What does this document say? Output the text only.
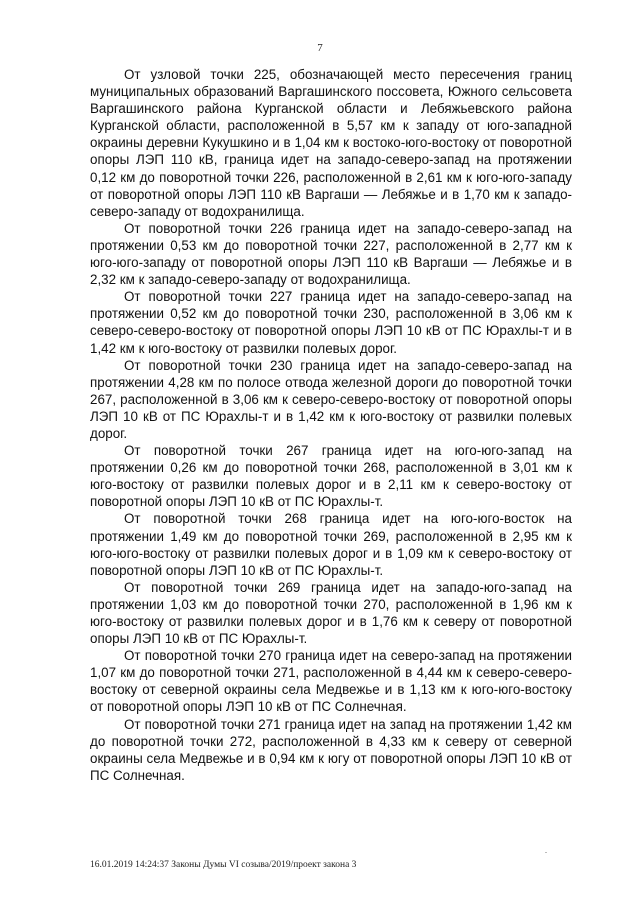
7

От узловой точки 225, обозначающей место пересечения границ муниципальных образований Варгашинского поссовета, Южного сельсовета Варгашинского района Курганской области и Лебяжьевского района Курганской области, расположенной в 5,57 км к западу от юго-западной окраины деревни Кукушкино и в 1,04 км к востоко-юго-востоку от поворотной опоры ЛЭП 110 кВ, граница идет на западо-северо-запад на протяжении 0,12 км до поворотной точки 226, расположенной в 2,61 км к юго-юго-западу от поворотной опоры ЛЭП 110 кВ Варгаши — Лебяжье и в 1,70 км к западо-северо-западу от водохранилища.

От поворотной точки 226 граница идет на западо-северо-запад на протяжении 0,53 км до поворотной точки 227, расположенной в 2,77 км к юго-юго-западу от поворотной опоры ЛЭП 110 кВ Варгаши — Лебяжье и в 2,32 км к западо-северо-западу от водохранилища.

От поворотной точки 227 граница идет на западо-северо-запад на протяжении 0,52 км до поворотной точки 230, расположенной в 3,06 км к северо-северо-востоку от поворотной опоры ЛЭП 10 кВ от ПС Юрахлы-т и в 1,42 км к юго-востоку от развилки полевых дорог.

От поворотной точки 230 граница идет на западо-северо-запад на протяжении 4,28 км по полосе отвода железной дороги до поворотной точки 267, расположенной в 3,06 км к северо-северо-востоку от поворотной опоры ЛЭП 10 кВ от ПС Юрахлы-т и в 1,42 км к юго-востоку от развилки полевых дорог.

От поворотной точки 267 граница идет на юго-юго-запад на протяжении 0,26 км до поворотной точки 268, расположенной в 3,01 км к юго-востоку от развилки полевых дорог и в 2,11 км к северо-востоку от поворотной опоры ЛЭП 10 кВ от ПС Юрахлы-т.

От поворотной точки 268 граница идет на юго-юго-восток на протяжении 1,49 км до поворотной точки 269, расположенной в 2,95 км к юго-юго-востоку от развилки полевых дорог и в 1,09 км к северо-востоку от поворотной опоры ЛЭП 10 кВ от ПС Юрахлы-т.

От поворотной точки 269 граница идет на западо-юго-запад на протяжении 1,03 км до поворотной точки 270, расположенной в 1,96 км к юго-востоку от развилки полевых дорог и в 1,76 км к северу от поворотной опоры ЛЭП 10 кВ от ПС Юрахлы-т.

От поворотной точки 270 граница идет на северо-запад на протяжении 1,07 км до поворотной точки 271, расположенной в 4,44 км к северо-северо-востоку от северной окраины села Медвежье и в 1,13 км к юго-юго-востоку от поворотной опоры ЛЭП 10 кВ от ПС Солнечная.

От поворотной точки 271 граница идет на запад на протяжении 1,42 км до поворотной точки 272, расположенной в 4,33 км к северу от северной окраины села Медвежье и в 0,94 км к югу от поворотной опоры ЛЭП 10 кВ от ПС Солнечная.

16.01.2019 14:24:37 Законы Думы VI созыва/2019/проект закона 3
